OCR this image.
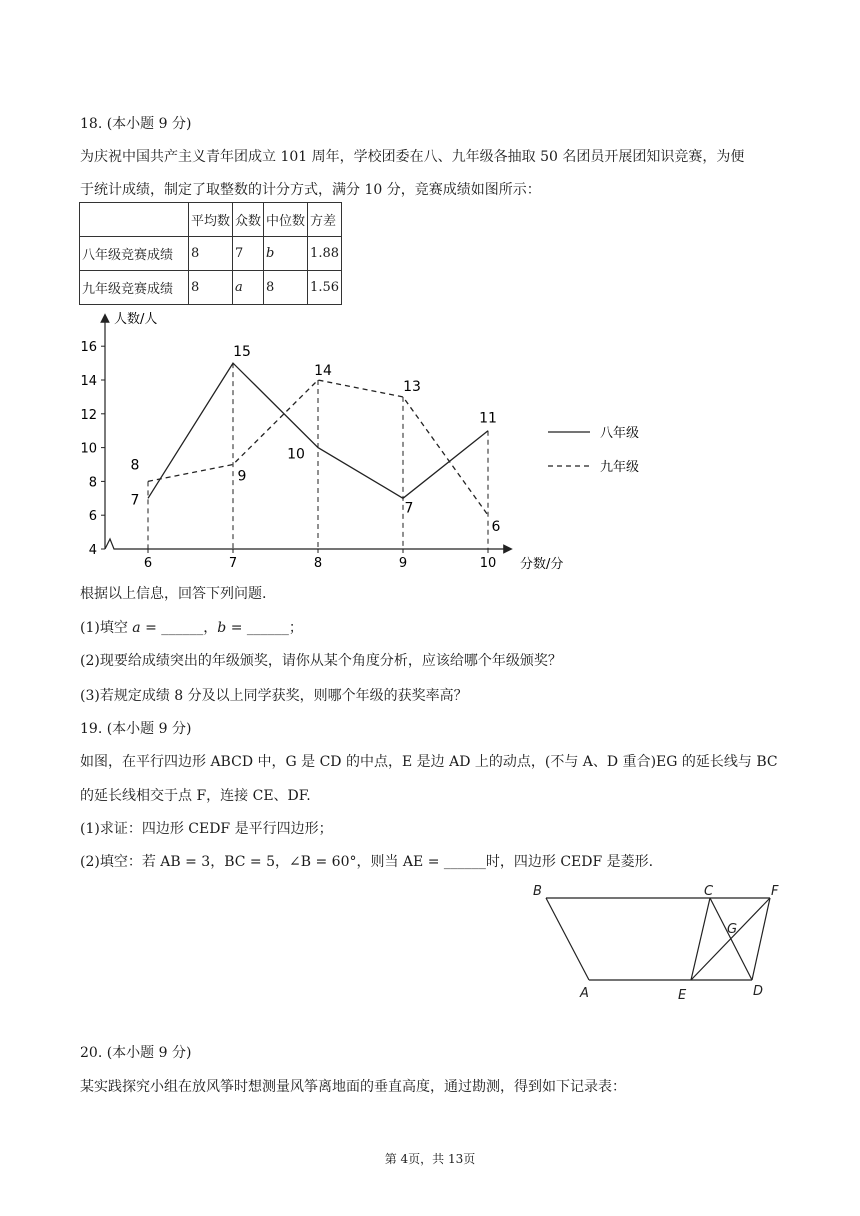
18. (本小题 9 分)

为庆祝中国共产主义青年团成立 101 周年，学校团委在八、九年级各抽取 50 名团员开展团知识竞赛，为便

于统计成绩，制定了取整数的计分方式，满分 10 分，竞赛成绩如图所示：

	平均数	众数	中位数	方差
八年级竞赛成绩	8	7	b	1.88
九年级竞赛成绩	8	a	8	1.56
人数/人
分数/分
4
6
8
10
12
14
16
6	7	8	9	10
7
15
10
7
11
8
9
14
13
6
八年级
九年级

根据以上信息，回答下列问题.

(1)填空 a = ______，b = ______；

(2)现要给成绩突出的年级颁奖，请你从某个角度分析，应该给哪个年级颁奖？

(3)若规定成绩 8 分及以上同学获奖，则哪个年级的获奖率高？

19. (本小题 9 分)

如图，在平行四边形 ABCD 中，G 是 CD 的中点，E 是边 AD 上的动点，(不与 A、D 重合)EG 的延长线与 BC

的延长线相交于点 F，连接 CE、DF.

(1)求证：四边形 CEDF 是平行四边形；

(2)填空：若 AB = 3，BC = 5，∠B = 60°，则当 AE = ______时，四边形 CEDF 是菱形.

B	C	F
G
A	E	D

20. (本小题 9 分)

某实践探究小组在放风筝时想测量风筝离地面的垂直高度，通过勘测，得到如下记录表：

第 4页，共 13页
